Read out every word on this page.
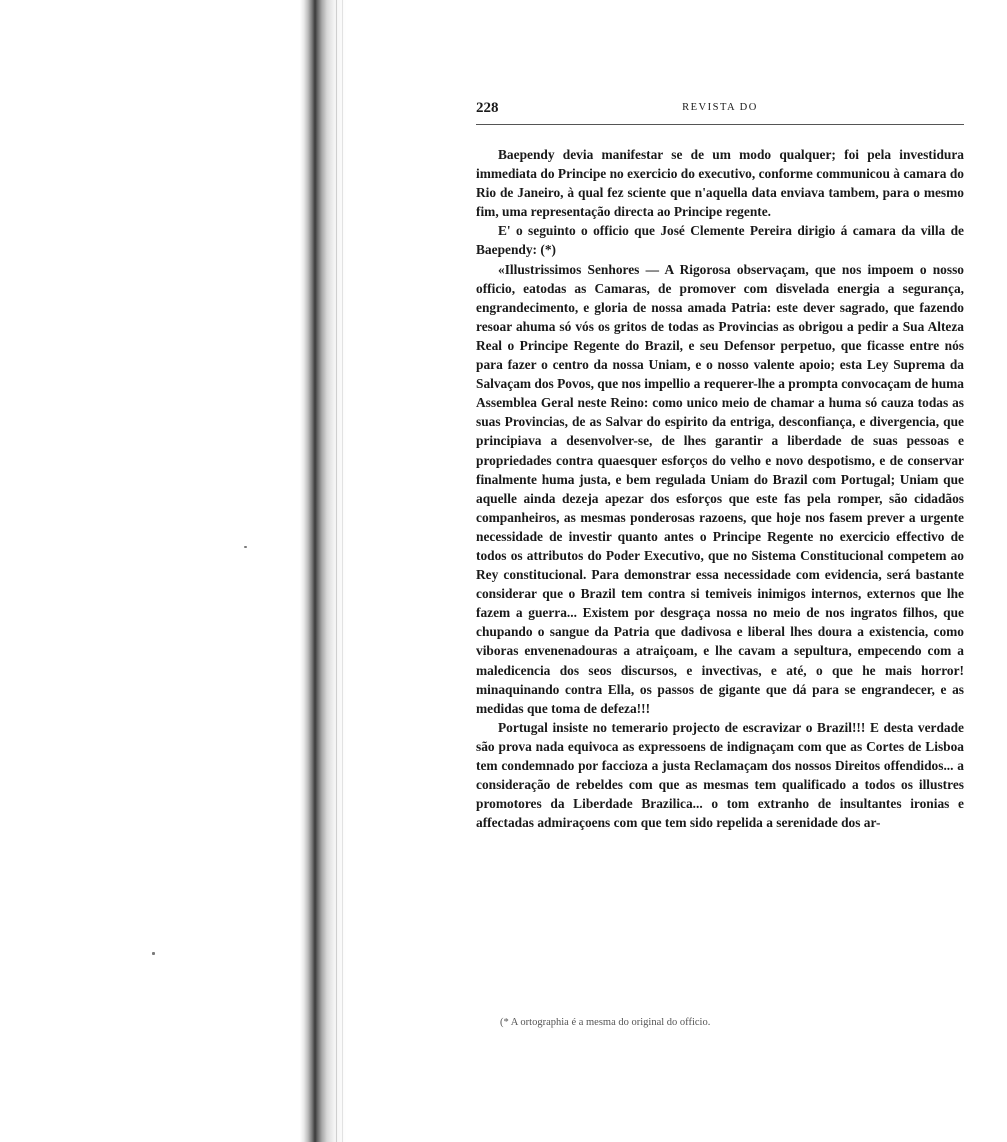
228	REVISTA DO

Baependy devia manifestar se de um modo qualquer; foi pela investidura immediata do Principe no exercicio do executivo, conforme communicou à camara do Rio de Janeiro, à qual fez sciente que n'aquella data enviava tambem, para o mesmo fim, uma representação directa ao Principe regente.

E' o seguinto o officio que José Clemente Pereira dirigio á camara da villa de Baependy: (*)

«Illustrissimos Senhores — A Rigorosa observaçam, que nos impoem o nosso officio, eatodas as Camaras, de promover com disvelada energia a segurança, engrandecimento, e gloria de nossa amada Patria: este dever sagrado, que fazendo resoar ahuma só vós os gritos de todas as Provincias as obrigou a pedir a Sua Alteza Real o Principe Regente do Brazil, e seu Defensor perpetuo, que ficasse entre nós para fazer o centro da nossa Uniam, e o nosso valente apoio; esta Ley Suprema da Salvaçam dos Povos, que nos impellio a requerer-lhe a prompta convocaçam de huma Assemblea Geral neste Reino: como unico meio de chamar a huma só cauza todas as suas Provincias, de as Salvar do espirito da entriga, desconfiança, e divergencia, que principiava a desenvolver-se, de lhes garantir a liberdade de suas pessoas e propriedades contra quaesquer esforços do velho e novo despotismo, e de conservar finalmente huma justa, e bem regulada Uniam do Brazil com Portugal; Uniam que aquelle ainda dezeja apezar dos esforços que este fas pela romper, são cidadãos companheiros, as mesmas ponderosas razoens, que hoje nos fasem prever a urgente necessidade de investir quanto antes o Principe Regente no exercicio effectivo de todos os attributos do Poder Executivo, que no Sistema Constitucional competem ao Rey constitucional. Para demonstrar essa necessidade com evidencia, será bastante considerar que o Brazil tem contra si temiveis inimigos internos, externos que lhe fazem a guerra... Existem por desgraça nossa no meio de nos ingratos filhos, que chupando o sangue da Patria que dadivosa e liberal lhes doura a existencia, como viboras envenenadouras a atraiçoam, e lhe cavam a sepultura, empecendo com a maledicencia dos seos discursos, e invectivas, e até, o que he mais horror! minaquinando contra Ella, os passos de gigante que dá para se engrandecer, e as medidas que toma de defeza!!!

Portugal insiste no temerario projecto de escravizar o Brazil!!! E desta verdade são prova nada equivoca as expressoens de indignaçam com que as Cortes de Lisboa tem condemnado por facciozа a justa Reclamaçam dos nossos Direitos offendidos... a consideração de rebeldes com que as mesmas tem qualificado a todos os illustres promotores da Liberdade Brazilica... o tom extranho de insultantes ironias e affectadas admiraçoens com que tem sido repelida a serenidade dos ar-

(* A ortographia é a mesma do original do officio.
